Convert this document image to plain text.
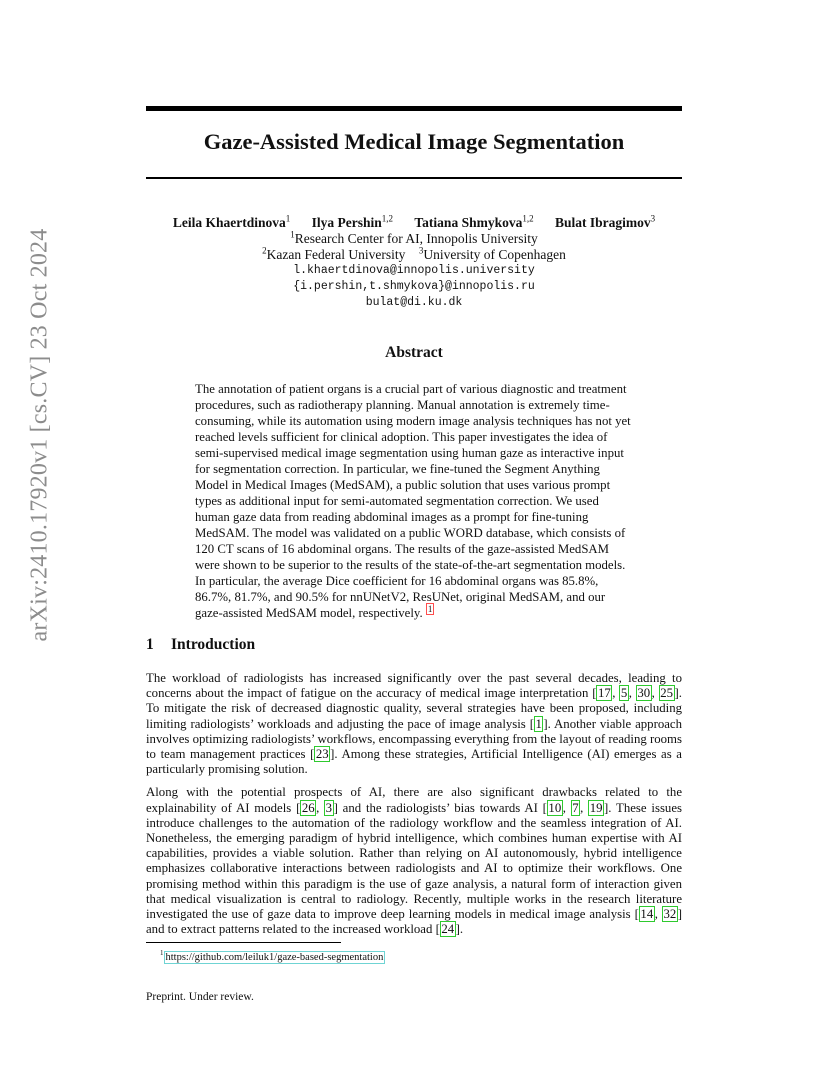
arXiv:2410.17920v1 [cs.CV] 23 Oct 2024
Gaze-Assisted Medical Image Segmentation
Leila Khaertdinova$^1$ Ilya Pershin$^{1,2}$ Tatiana Shmykova$^{1,2}$ Bulat Ibragimov$^3$
$^1$Research Center for AI, Innopolis University
$^2$Kazan Federal University $^3$University of Copenhagen
l.khaertdinova@innopolis.university
{i.pershin,t.shmykova}@innopolis.ru
bulat@di.ku.dk
Abstract

The annotation of patient organs is a crucial part of various diagnostic and treatment procedures, such as radiotherapy planning. Manual annotation is extremely time-consuming, while its automation using modern image analysis techniques has not yet reached levels sufficient for clinical adoption. This paper investigates the idea of semi-supervised medical image segmentation using human gaze as interactive input for segmentation correction. In particular, we fine-tuned the Segment Anything Model in Medical Images (MedSAM), a public solution that uses various prompt types as additional input for semi-automated segmentation correction. We used human gaze data from reading abdominal images as a prompt for fine-tuning MedSAM. The model was validated on a public WORD database, which consists of 120 CT scans of 16 abdominal organs. The results of the gaze-assisted MedSAM were shown to be superior to the results of the state-of-the-art segmentation models. In particular, the average Dice coefficient for 16 abdominal organs was 85.8%, 86.7%, 81.7%, and 90.5% for nnUNetV2, ResUNet, original MedSAM, and our gaze-assisted MedSAM model, respectively. $^1$

1 Introduction

The workload of radiologists has increased significantly over the past several decades, leading to concerns about the impact of fatigue on the accuracy of medical image interpretation [ 17 , 5 , 30 , 25 ]. To mitigate the risk of decreased diagnostic quality, several strategies have been proposed, including limiting radiologists’ workloads and adjusting the pace of image analysis [ 1 ]. Another viable approach involves optimizing radiologists’ workflows, encompassing everything from the layout of reading rooms to team management practices [ 23 ]. Among these strategies, Artificial Intelligence (AI) emerges as a particularly promising solution.

Along with the potential prospects of AI, there are also significant drawbacks related to the explainability of AI models [ 26 , 3 ] and the radiologists’ bias towards AI [ 10 , 7 , 19 ]. These issues introduce challenges to the automation of the radiology workflow and the seamless integration of AI. Nonetheless, the emerging paradigm of hybrid intelligence, which combines human expertise with AI capabilities, provides a viable solution. Rather than relying on AI autonomously, hybrid intelligence emphasizes collaborative interactions between radiologists and AI to optimize their workflows. One promising method within this paradigm is the use of gaze analysis, a natural form of interaction given that medical visualization is central to radiology. Recently, multiple works in the research literature investigated the use of gaze data to improve deep learning models in medical image analysis [ 14 , 32 ] and to extract patterns related to the increased workload [ 24 ].

$^1$ https://github.com/leiluk1/gaze-based-segmentation
Preprint. Under review.
